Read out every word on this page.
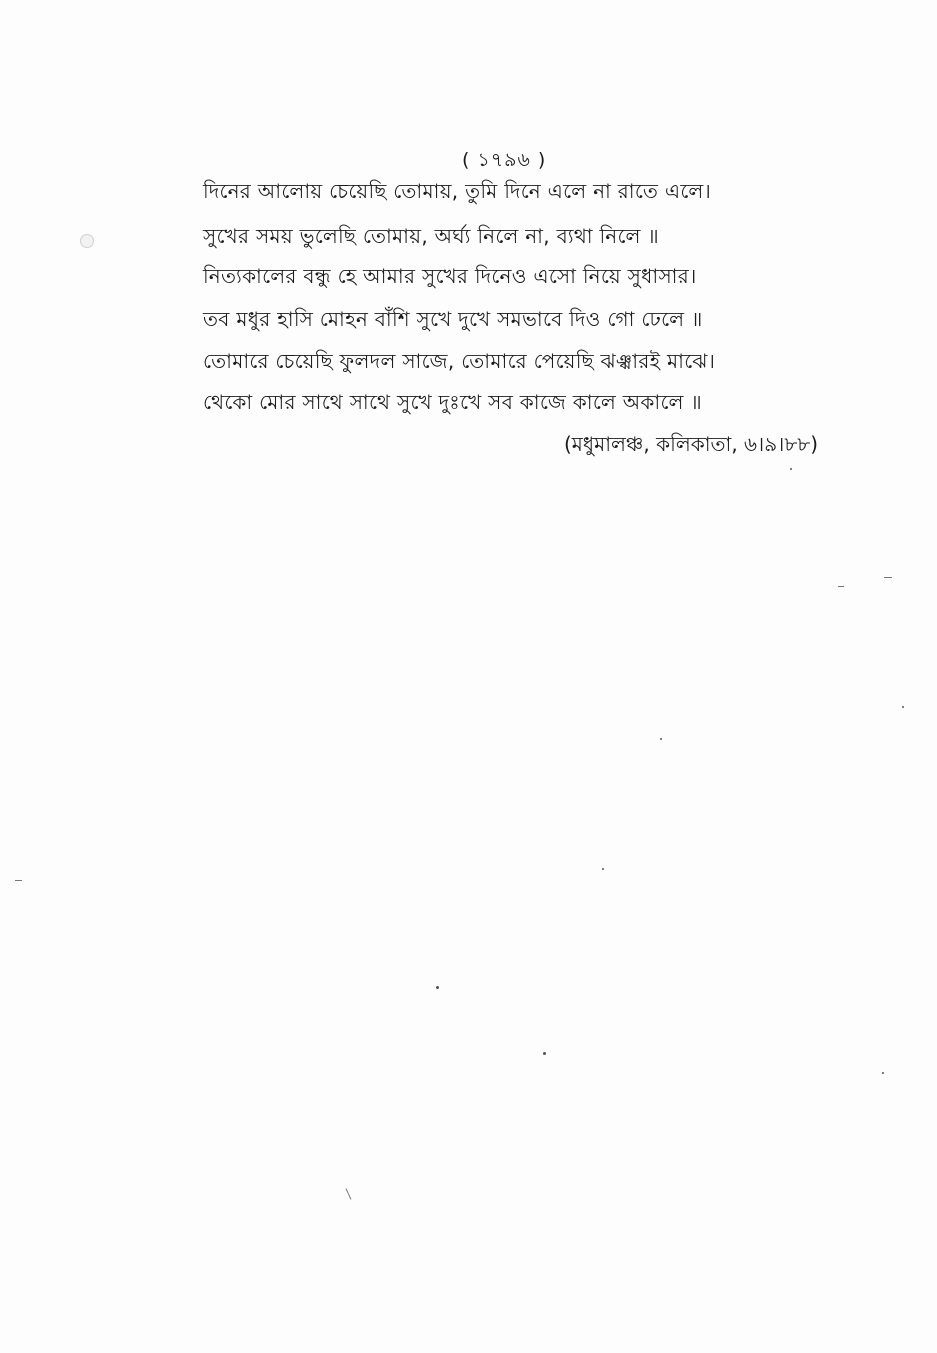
( ১৭৯৬ )
দিনের আলোয় চেয়েছি তোমায়, তুমি দিনে এলে না রাতে এলে।
সুখের সময় ভুলেছি তোমায়, অর্ঘ্য নিলে না, ব্যথা নিলে ॥
নিত্যকালের বন্ধু হে আমার সুখের দিনেও এসো নিয়ে সুধাসার।
তব মধুর হাসি মোহন বাঁশি সুখে দুখে সমভাবে দিও গো ঢেলে ॥
তোমারে চেয়েছি ফুলদল সাজে, তোমারে পেয়েছি ঝঞ্ঝারই মাঝে।
থেকো মোর সাথে সাথে সুখে দুঃখে সব কাজে কালে অকালে ॥
(মধুমালঞ্চ, কলিকাতা, ৬।৯।৮৮)
